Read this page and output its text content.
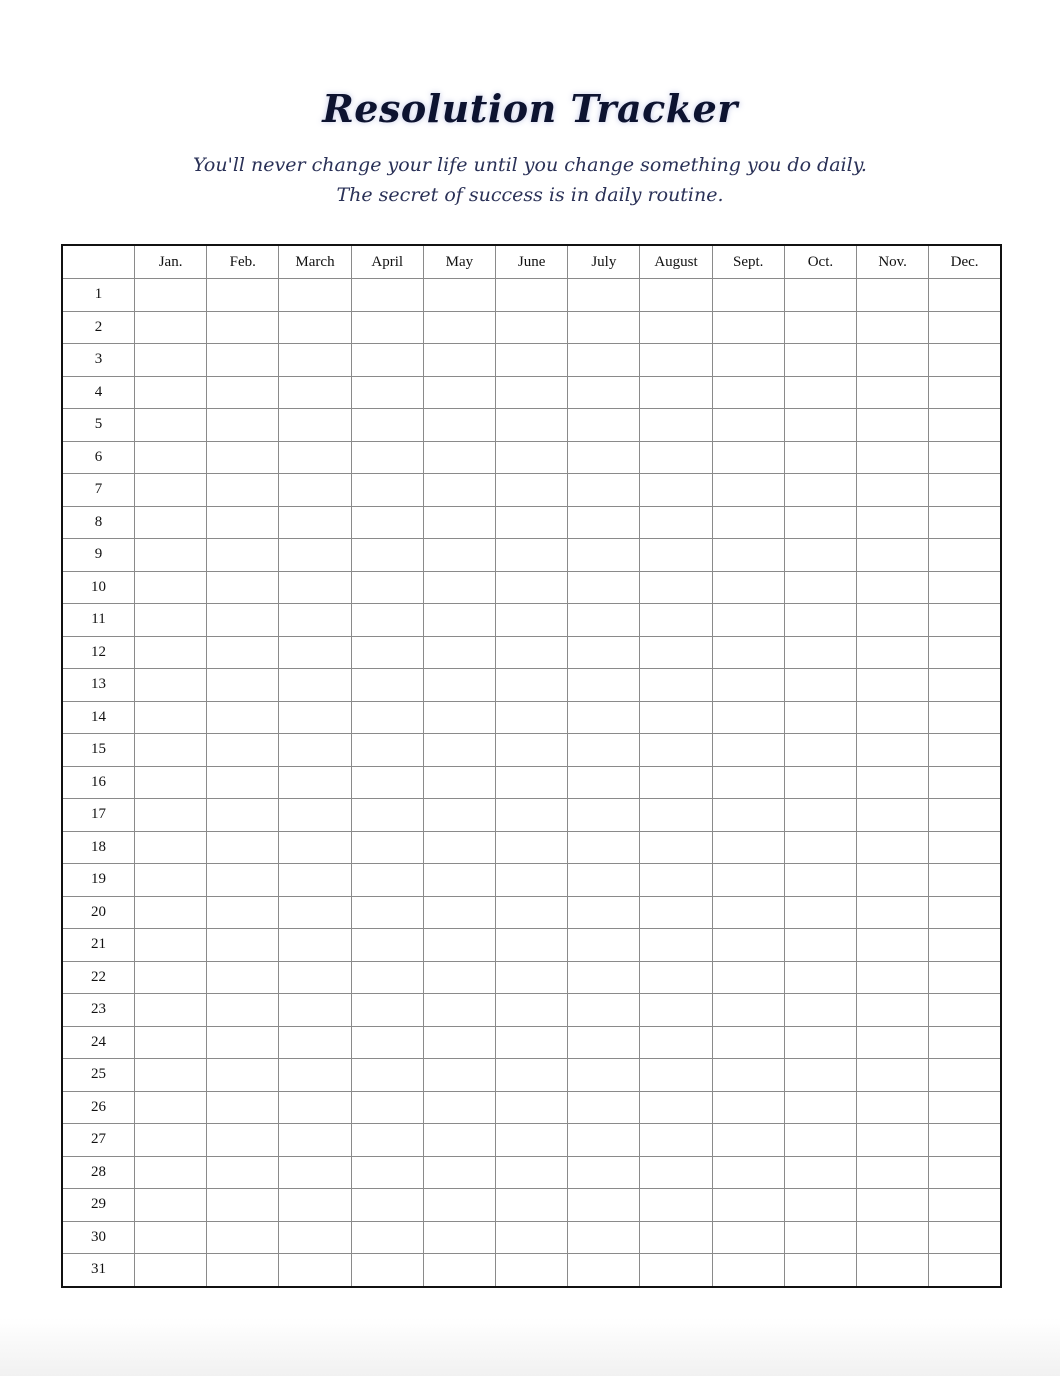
Resolution Tracker
You'll never change your life until you change something you do daily.
The secret of success is in daily routine.
	Jan.	Feb.	March	April	May	June	July	August	Sept.	Oct.	Nov.	Dec.
1												
2												
3												
4												
5												
6												
7												
8												
9												
10												
11												
12												
13												
14												
15												
16												
17												
18												
19												
20												
21												
22												
23												
24												
25												
26												
27												
28												
29												
30												
31												
